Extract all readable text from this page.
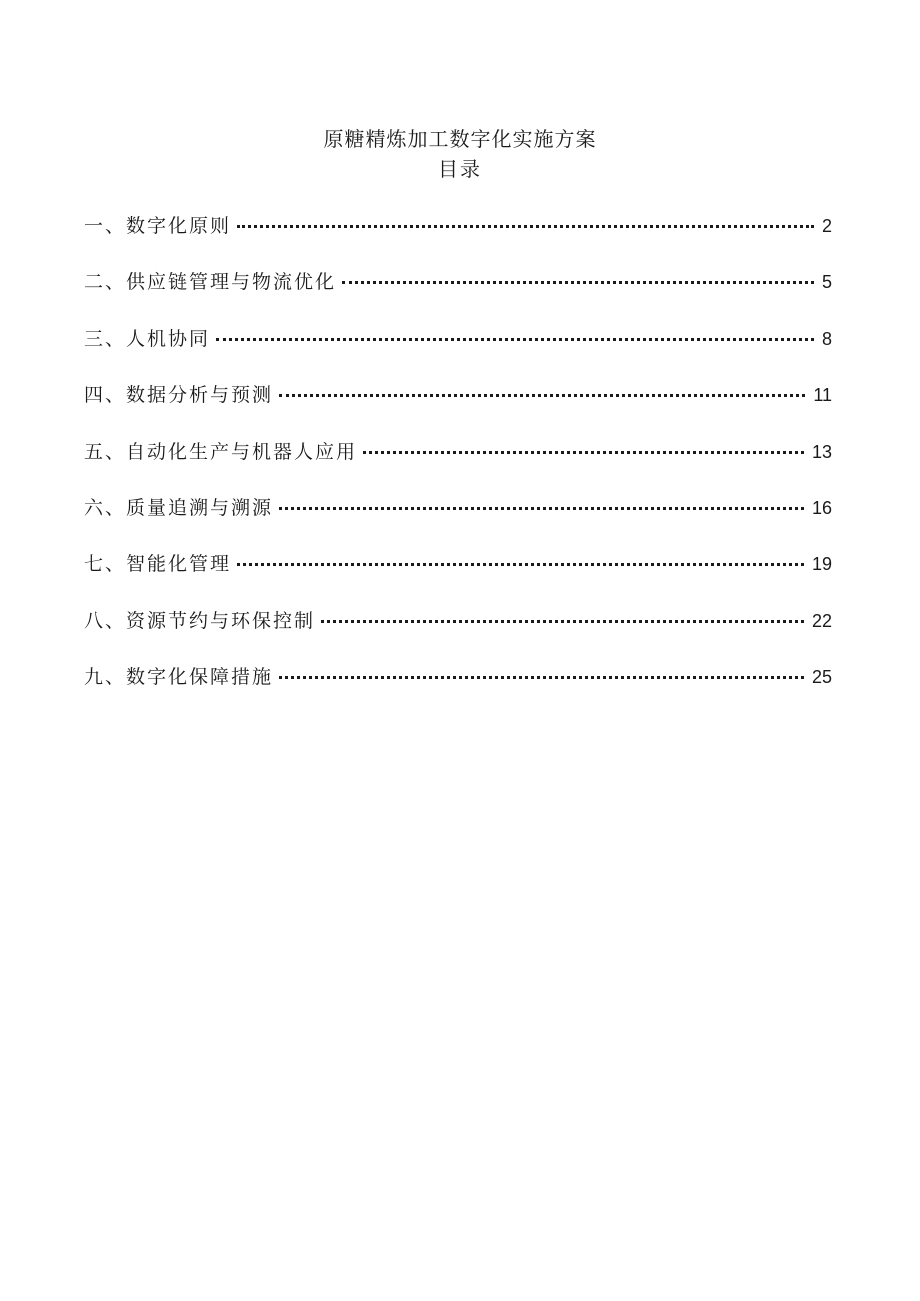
原糖精炼加工数字化实施方案
目录
一、数字化原则	2
二、供应链管理与物流优化	5
三、人机协同	8
四、数据分析与预测	11
五、自动化生产与机器人应用	13
六、质量追溯与溯源	16
七、智能化管理	19
八、资源节约与环保控制	22
九、数字化保障措施	25
